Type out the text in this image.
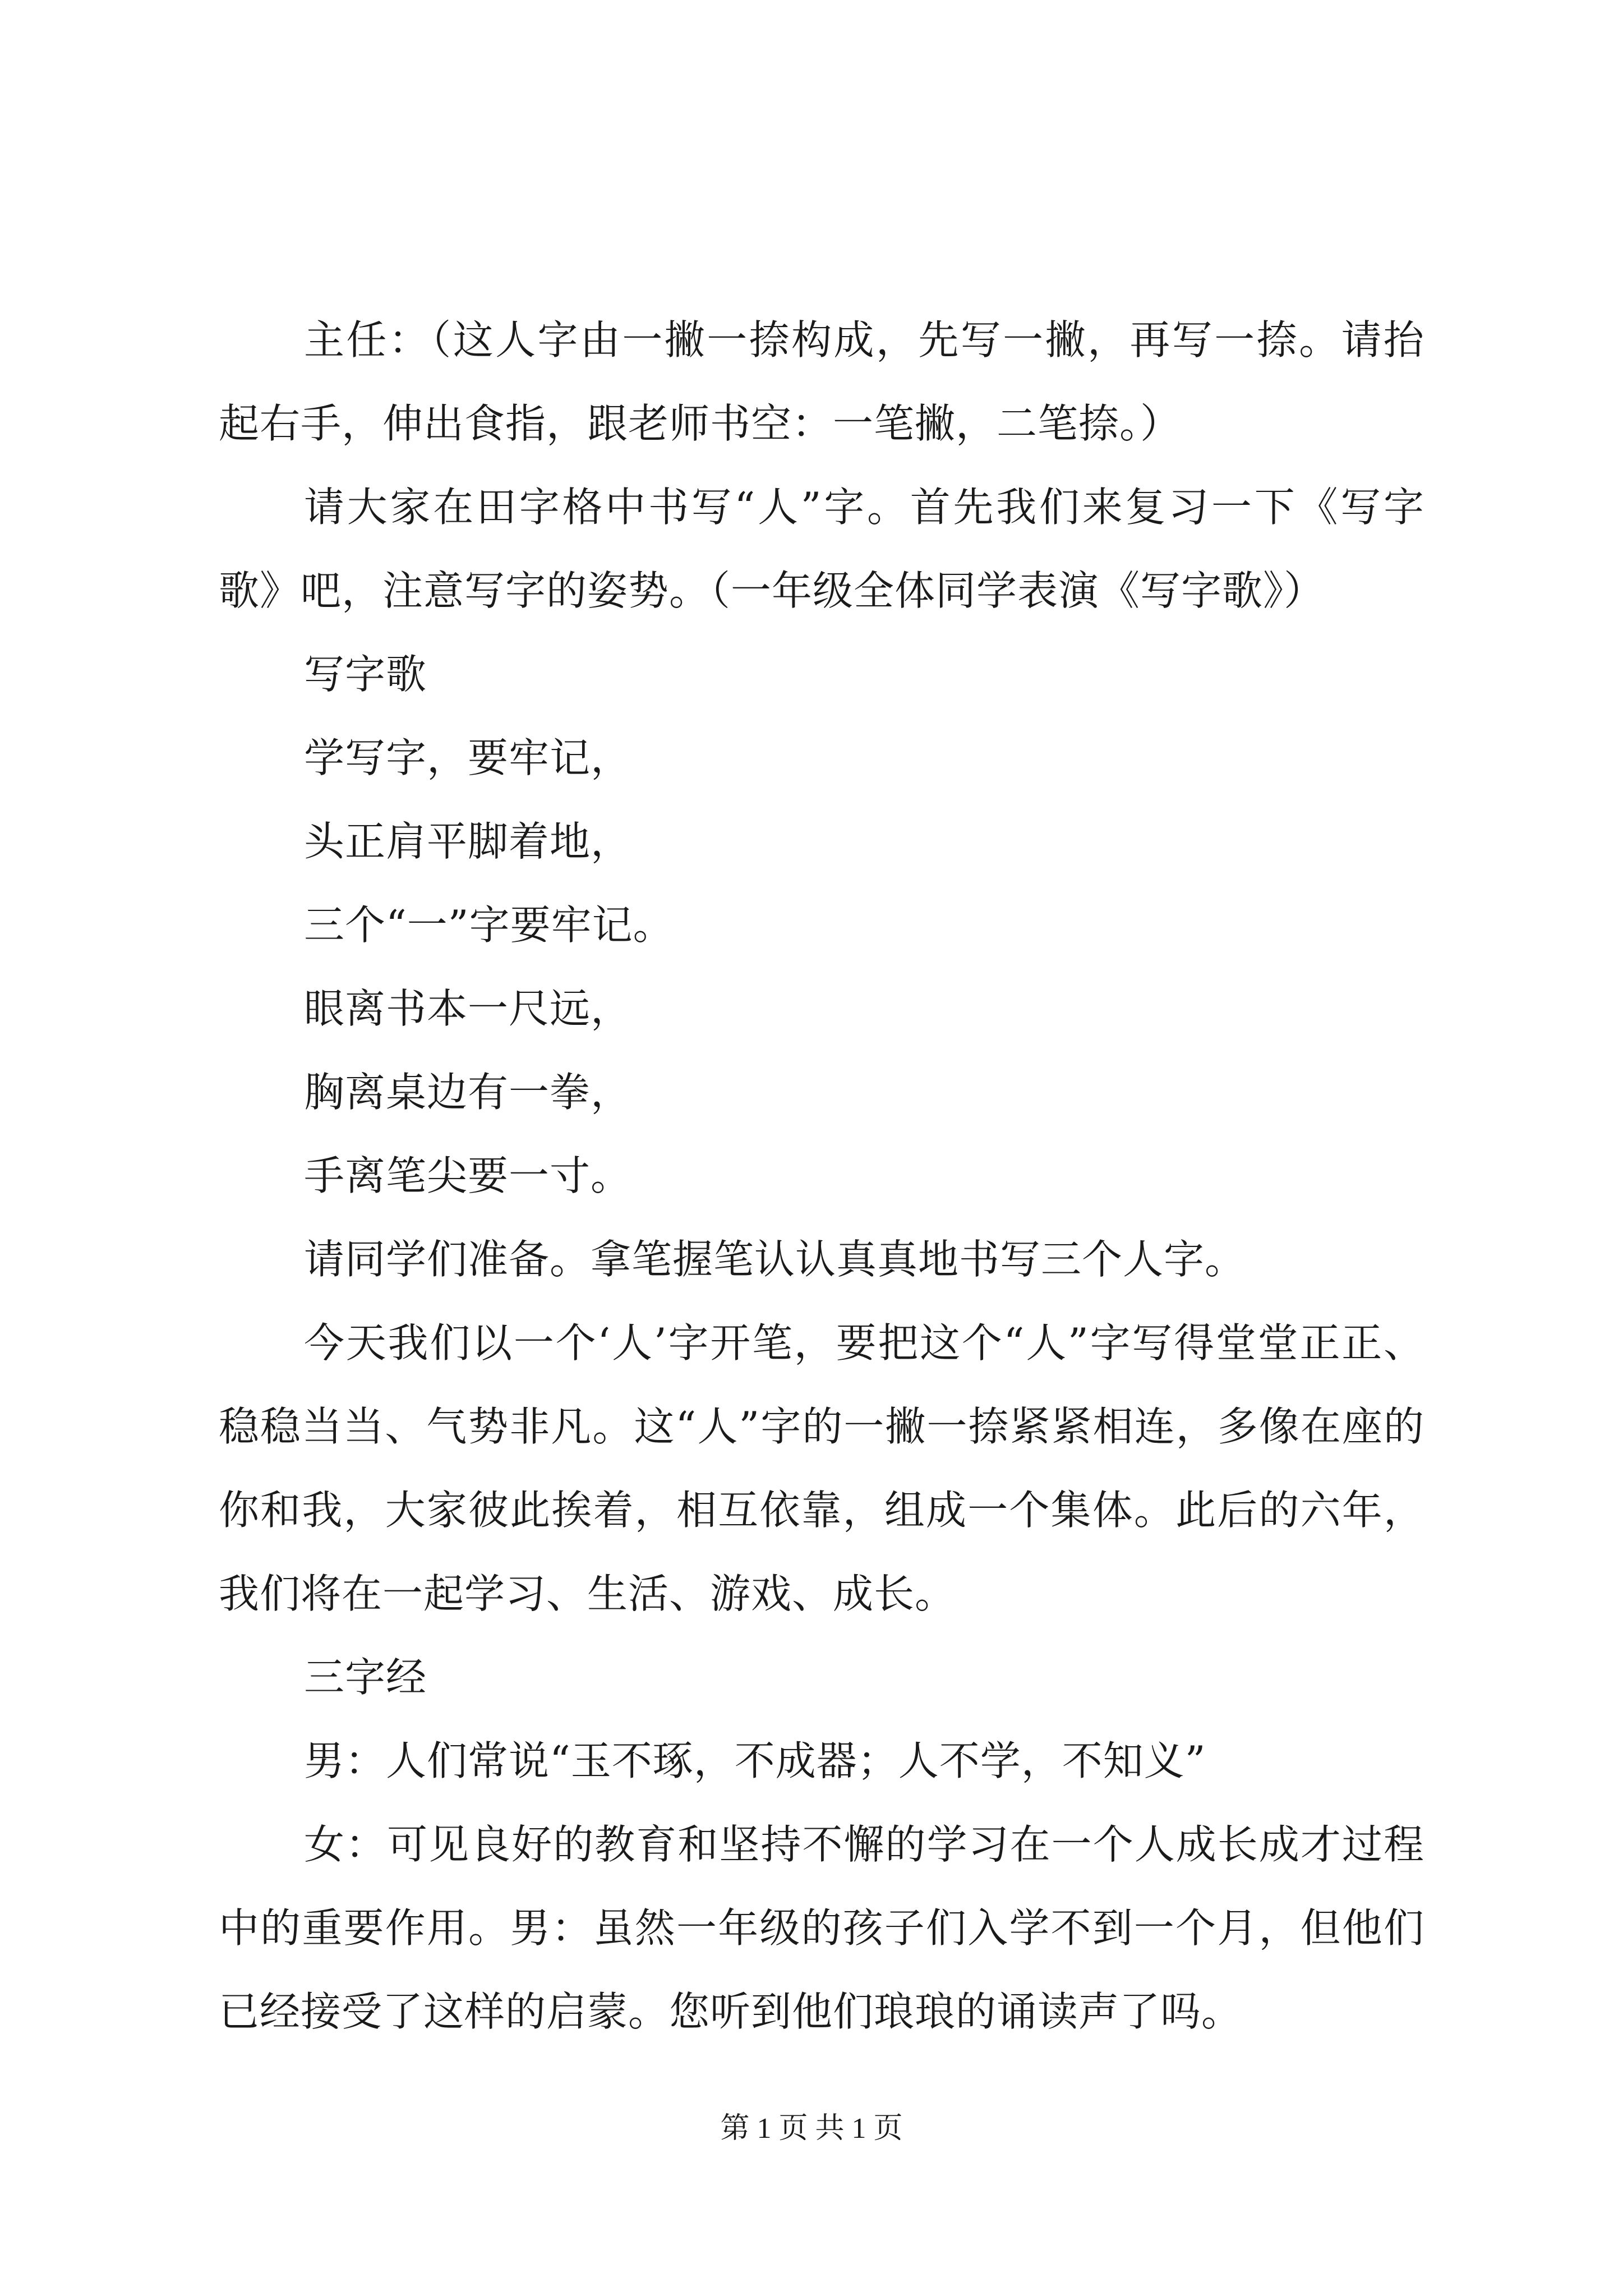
主任：（这人字由一撇一捺构成，先写一撇，再写一捺。请抬起右手，伸出食指，跟老师书空：一笔撇，二笔捺。）

请大家在田字格中书写“人”字。首先我们来复习一下《写字歌》吧，注意写字的姿势。（一年级全体同学表演《写字歌》）

写字歌

学写字，要牢记，

头正肩平脚着地，

三个“一”字要牢记。

眼离书本一尺远，

胸离桌边有一拳，

手离笔尖要一寸。

请同学们准备。拿笔握笔认认真真地书写三个人字。

今天我们以一个‘人’字开笔，要把这个“人”字写得堂堂正正、稳稳当当、气势非凡。这“人”字的一撇一捺紧紧相连，多像在座的你和我，大家彼此挨着，相互依靠，组成一个集体。此后的六年，我们将在一起学习、生活、游戏、成长。

三字经

男：人们常说“玉不琢，不成器；人不学，不知义”

女：可见良好的教育和坚持不懈的学习在一个人成长成才过程中的重要作用。男：虽然一年级的孩子们入学不到一个月，但他们已经接受了这样的启蒙。您听到他们琅琅的诵读声了吗。

第 1 页 共 1 页
